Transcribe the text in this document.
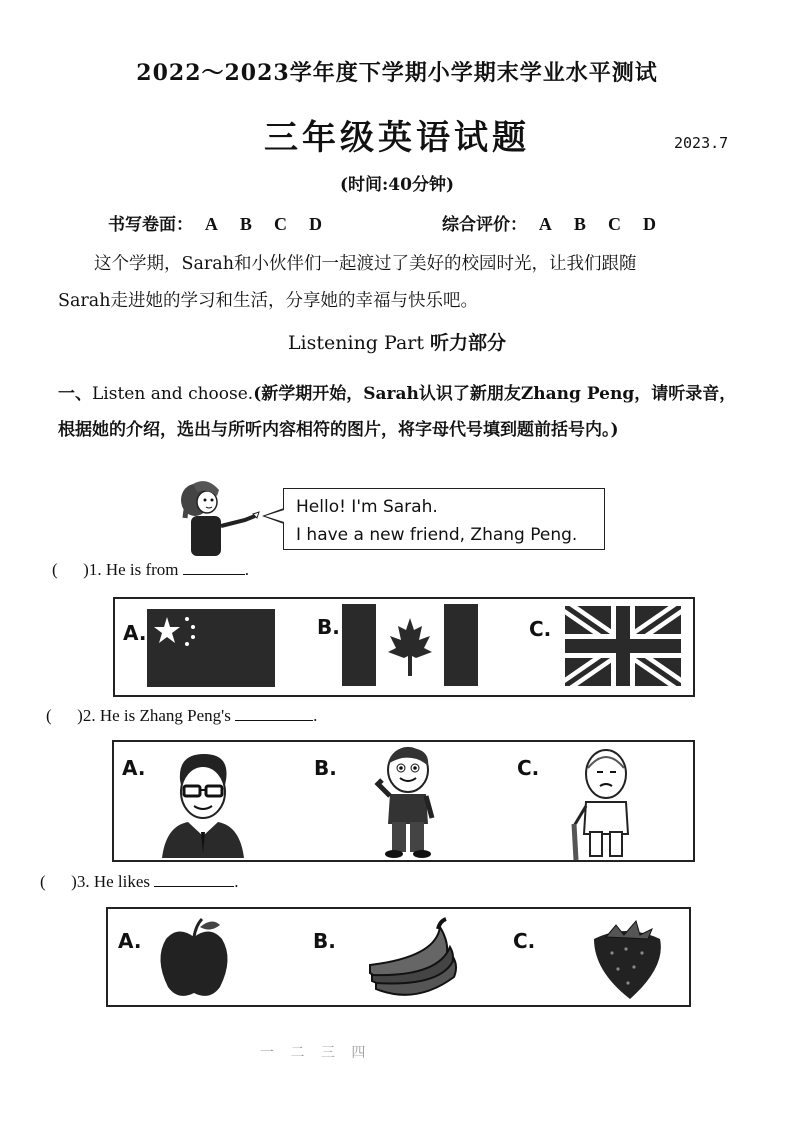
2022～2023学年度下学期小学期末学业水平测试
三年级英语试题	2023.7
(时间:40分钟)
书写卷面： A B C D	综合评价： A B C D
这个学期，Sarah和小伙伴们一起渡过了美好的校园时光，让我们跟随
Sarah走进她的学习和生活，分享她的幸福与快乐吧。
Listening Part 听力部分
一、Listen and choose.(新学期开始，Sarah认识了新朋友Zhang Peng，请听录音，根据她的介绍，选出与所听内容相符的图片，将字母代号填到题前括号内。)
Hello! I'm Sarah.
I have a new friend, Zhang Peng.
(      )1. He is from	.
A.	B.	C.
(      )2. He is Zhang Peng's	.
A.	B.	C.
(      )3. He likes	.
A.	B.	C.
一 二 三 四
